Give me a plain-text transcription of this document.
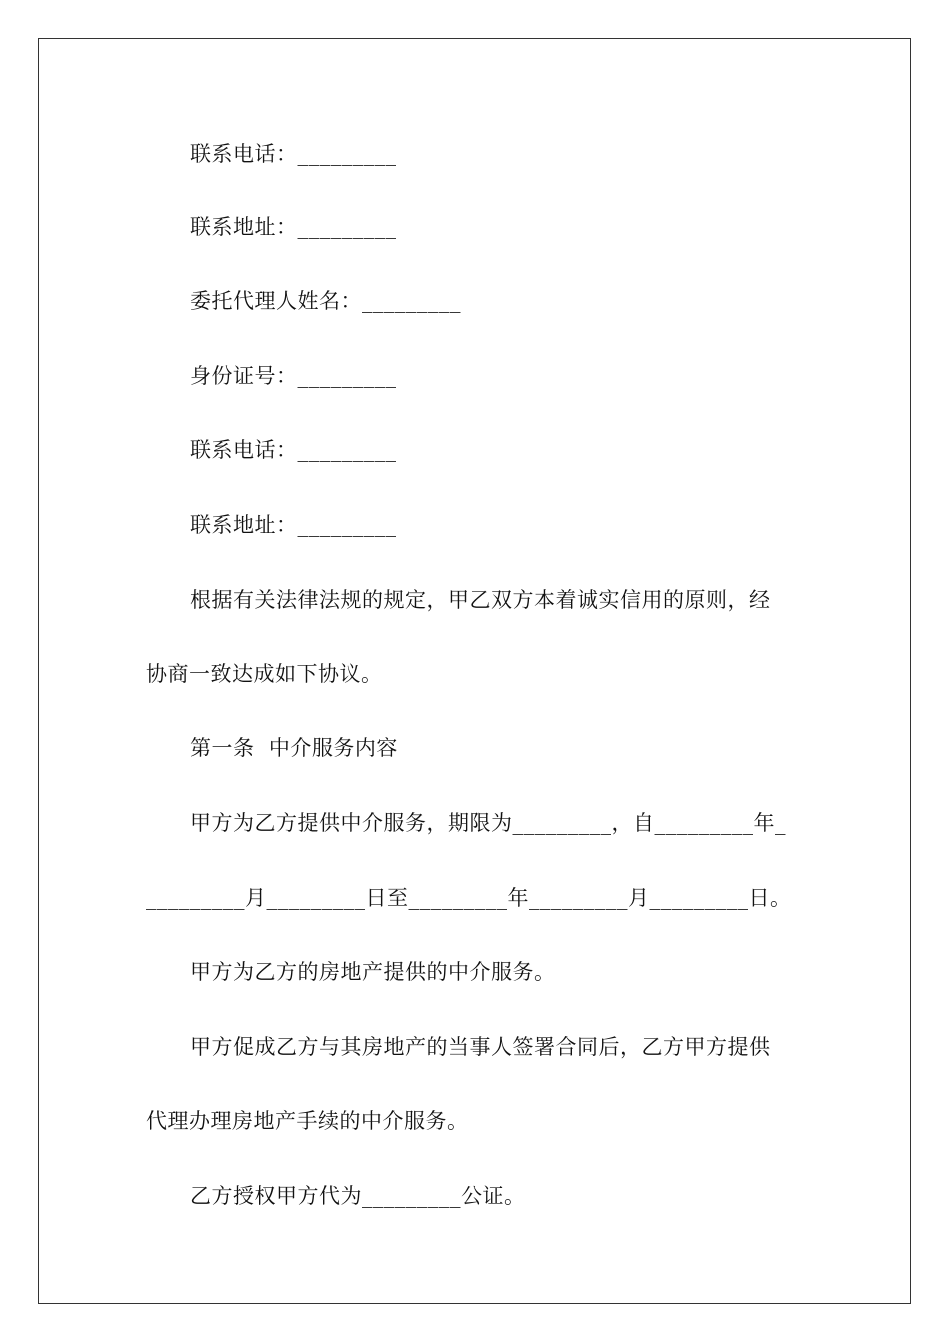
联系电话：_________
联系地址：_________
委托代理人姓名：_________
身份证号：_________
联系电话：_________
联系地址：_________
根据有关法律法规的规定，甲乙双方本着诚实信用的原则，经
协商一致达成如下协议。
第一条  中介服务内容
甲方为乙方提供中介服务，期限为_________，自_________年_
_________月_________日至_________年_________月_________日。
甲方为乙方的房地产提供的中介服务。
甲方促成乙方与其房地产的当事人签署合同后，乙方甲方提供
代理办理房地产手续的中介服务。
乙方授权甲方代为_________公证。
